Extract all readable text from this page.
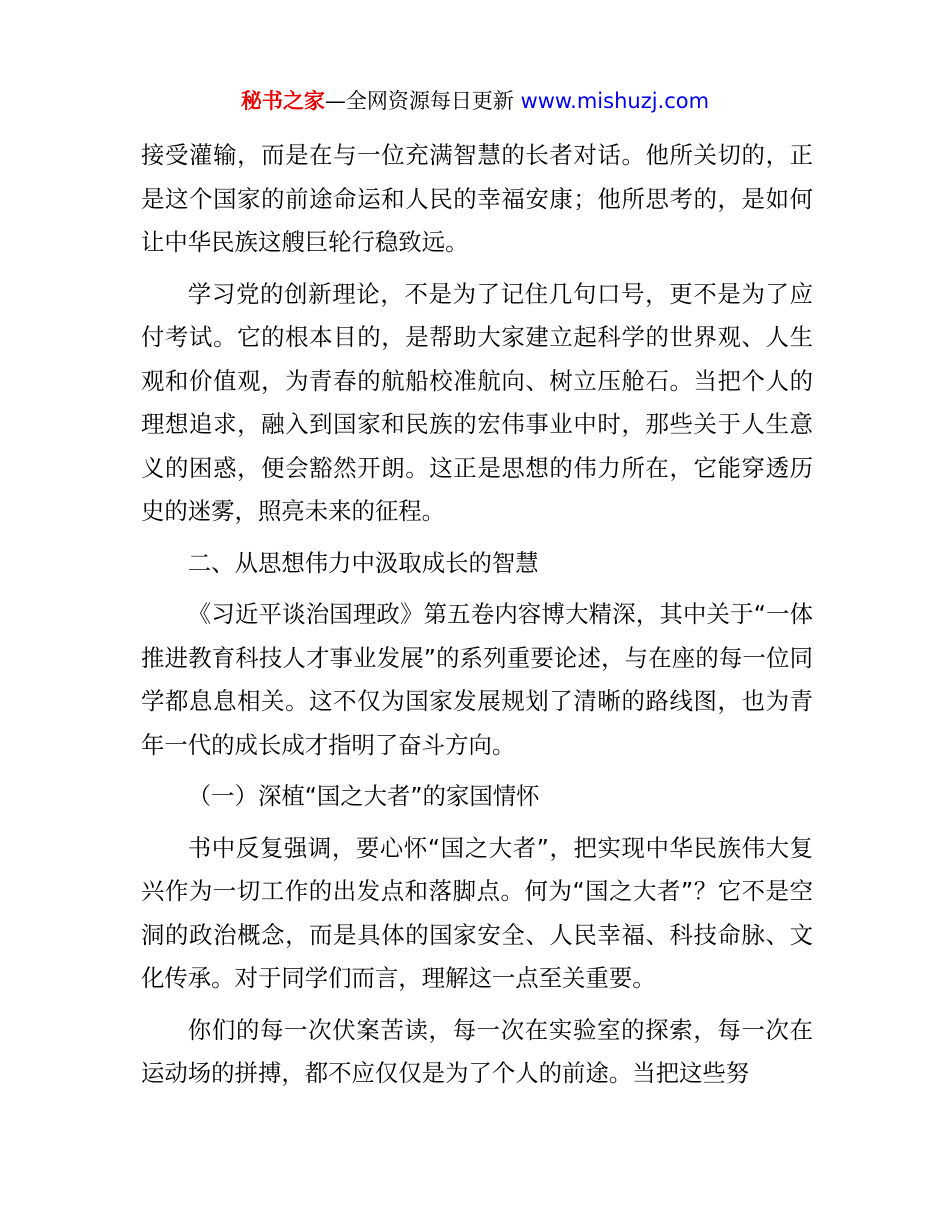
秘书之家—全网资源每日更新 www.mishuzj.com

接受灌输，而是在与一位充满智慧的长者对话。他所关切的，正是这个国家的前途命运和人民的幸福安康；他所思考的，是如何让中华民族这艘巨轮行稳致远。

学习党的创新理论，不是为了记住几句口号，更不是为了应付考试。它的根本目的，是帮助大家建立起科学的世界观、人生观和价值观，为青春的航船校准航向、树立压舱石。当把个人的理想追求，融入到国家和民族的宏伟事业中时，那些关于人生意义的困惑，便会豁然开朗。这正是思想的伟力所在，它能穿透历史的迷雾，照亮未来的征程。

二、从思想伟力中汲取成长的智慧

《习近平谈治国理政》第五卷内容博大精深，其中关于“一体推进教育科技人才事业发展”的系列重要论述，与在座的每一位同学都息息相关。这不仅为国家发展规划了清晰的路线图，也为青年一代的成长成才指明了奋斗方向。

（一）深植“国之大者”的家国情怀

书中反复强调，要心怀“国之大者”，把实现中华民族伟大复兴作为一切工作的出发点和落脚点。何为“国之大者”？它不是空洞的政治概念，而是具体的国家安全、人民幸福、科技命脉、文化传承。对于同学们而言，理解这一点至关重要。

你们的每一次伏案苦读，每一次在实验室的探索，每一次在运动场的拼搏，都不应仅仅是为了个人的前途。当把这些努
